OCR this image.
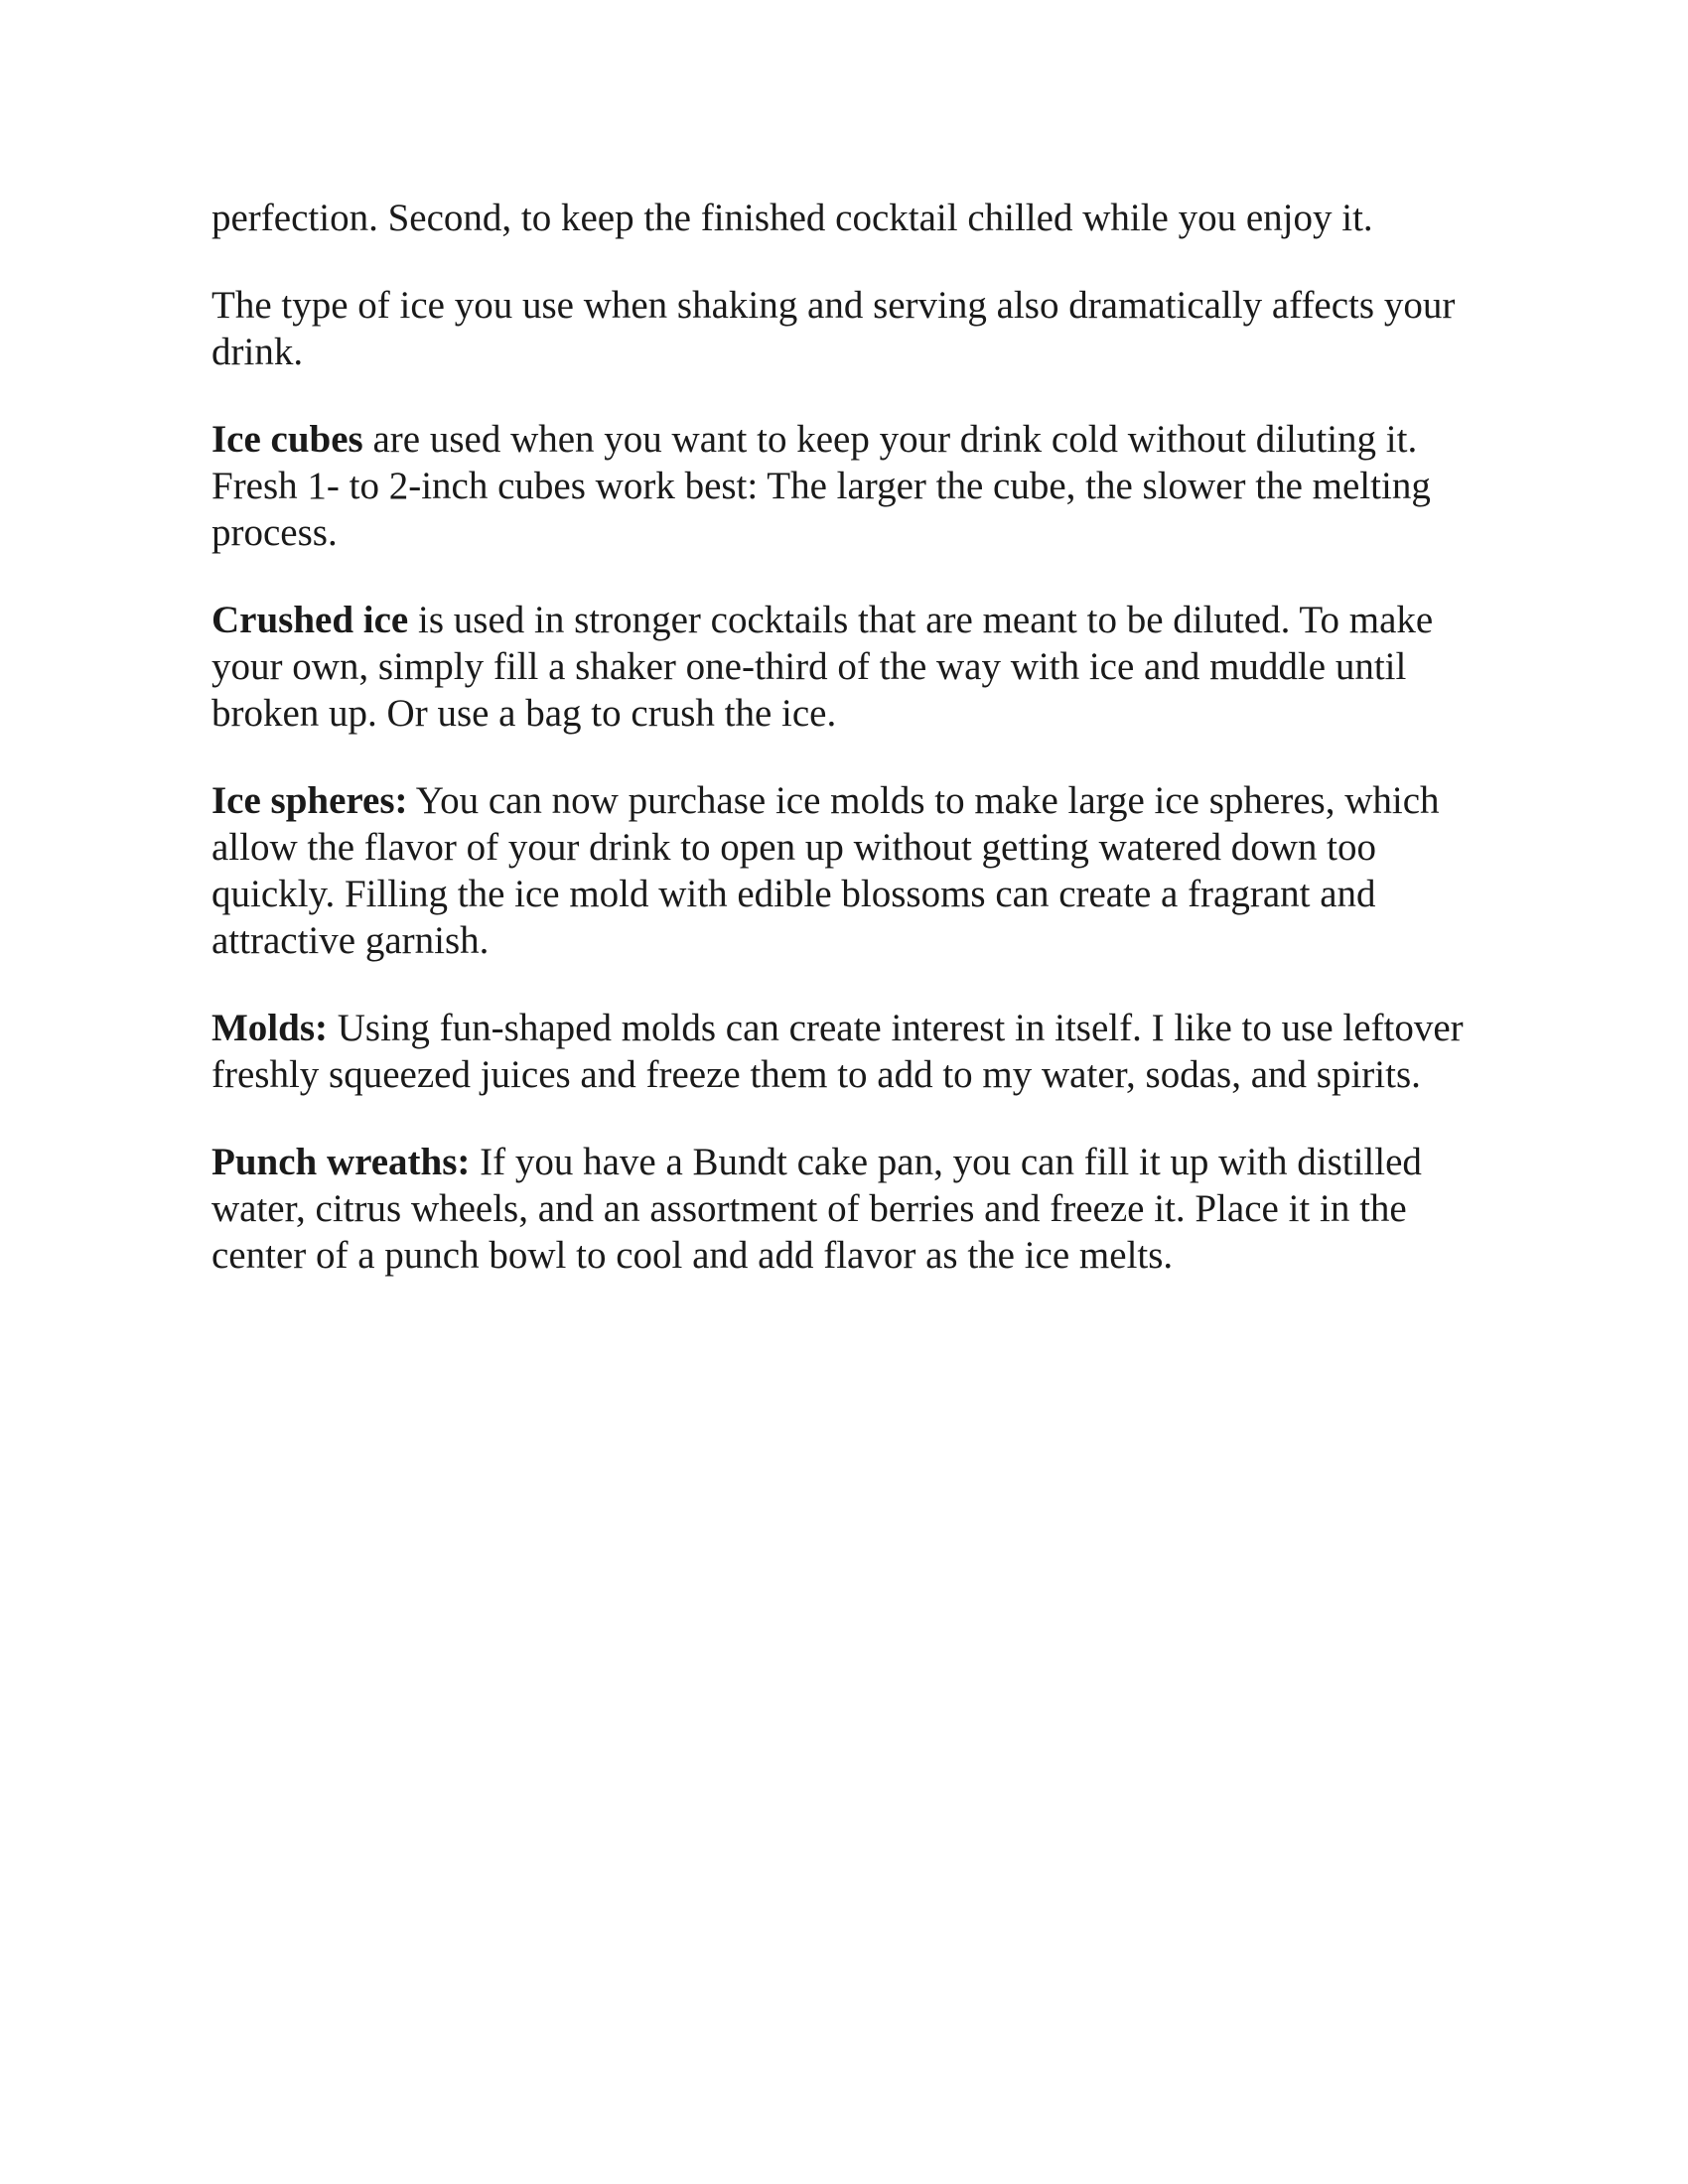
perfection. Second, to keep the finished cocktail chilled while you enjoy it.

The type of ice you use when shaking and serving also dramatically affects your drink.

Ice cubes are used when you want to keep your drink cold without diluting it. Fresh 1- to 2-inch cubes work best: The larger the cube, the slower the melting process.

Crushed ice is used in stronger cocktails that are meant to be diluted. To make your own, simply fill a shaker one-third of the way with ice and muddle until broken up. Or use a bag to crush the ice.

Ice spheres: You can now purchase ice molds to make large ice spheres, which allow the flavor of your drink to open up without getting watered down too quickly. Filling the ice mold with edible blossoms can create a fragrant and attractive garnish.

Molds: Using fun-shaped molds can create interest in itself. I like to use leftover freshly squeezed juices and freeze them to add to my water, sodas, and spirits.

Punch wreaths: If you have a Bundt cake pan, you can fill it up with distilled water, citrus wheels, and an assortment of berries and freeze it. Place it in the center of a punch bowl to cool and add flavor as the ice melts.
